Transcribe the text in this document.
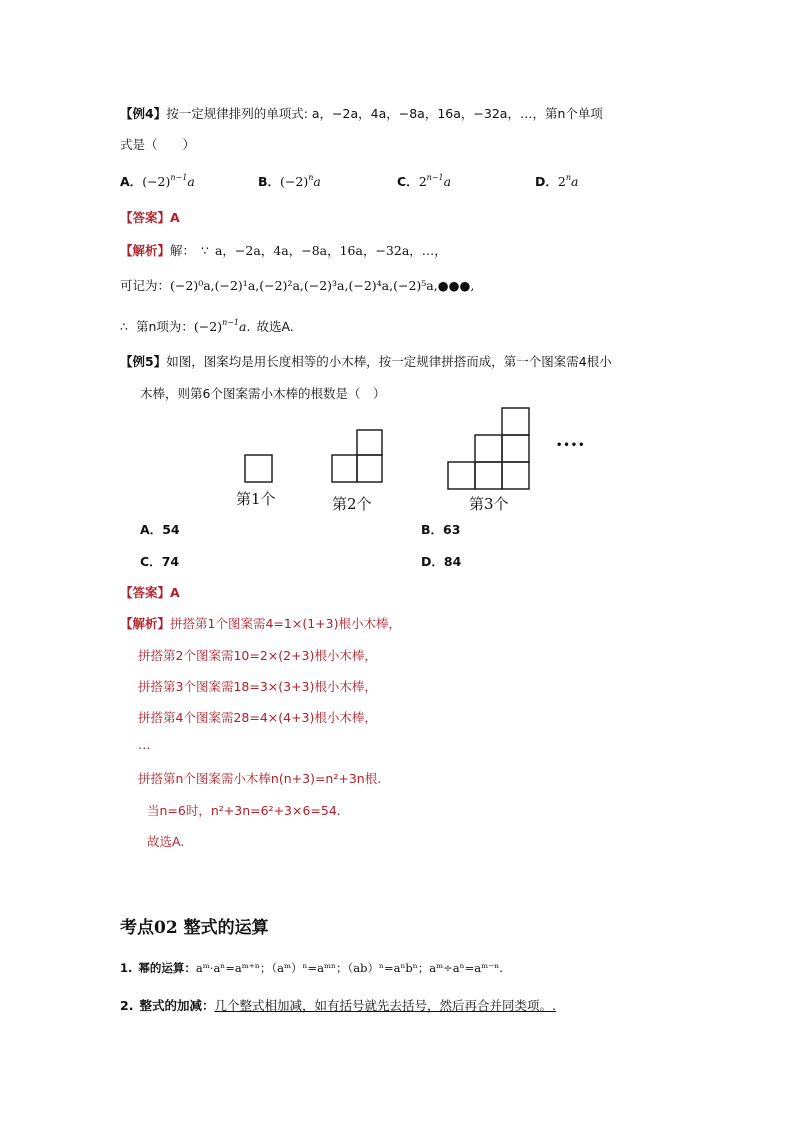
【例4】按一定规律排列的单项式: a，−2a，4a，−8a，16a，−32a，…，第n个单项
式是（　　）
A．$(-2)^{n-1}a$	B．$(-2)^na$	C．$2^{n-1}a$	D．2$^n$a
【答案】A
【解析】解： ∵ a，−2a，4a，−8a，16a，−32a，…，
可记为：(−2)⁰a,(−2)¹a,(−2)²a,(−2)³a,(−2)⁴a,(−2)⁵a,●●●,
∴ 第n项为：$(-2)^{n-1}a$. 故选A.
【例5】如图，图案均是用长度相等的小木棒，按一定规律拼搭而成，第一个图案需4根小
木棒，则第6个图案需小木棒的根数是（　）
第1个	第2个	第3个
••••
A．54	B．63
C．74	D．84
【答案】A
【解析】拼搭第1个图案需4=1×(1+3)根小木棒，
拼搭第2个图案需10=2×(2+3)根小木棒，
拼搭第3个图案需18=3×(3+3)根小木棒，
拼搭第4个图案需28=4×(4+3)根小木棒，
…
拼搭第n个图案需小木棒n(n+3)=n²+3n根.
当n=6时，n²+3n=6²+3×6=54.
故选A.
考点02 整式的运算
1. 幂的运算：aᵐ·aⁿ=aᵐ⁺ⁿ；（aᵐ）ⁿ=aᵐⁿ；（ab）ⁿ=aⁿbⁿ；aᵐ÷aⁿ=aᵐ⁻ⁿ.
2. 整式的加减：几个整式相加减，如有括号就先去括号，然后再合并同类项。.
